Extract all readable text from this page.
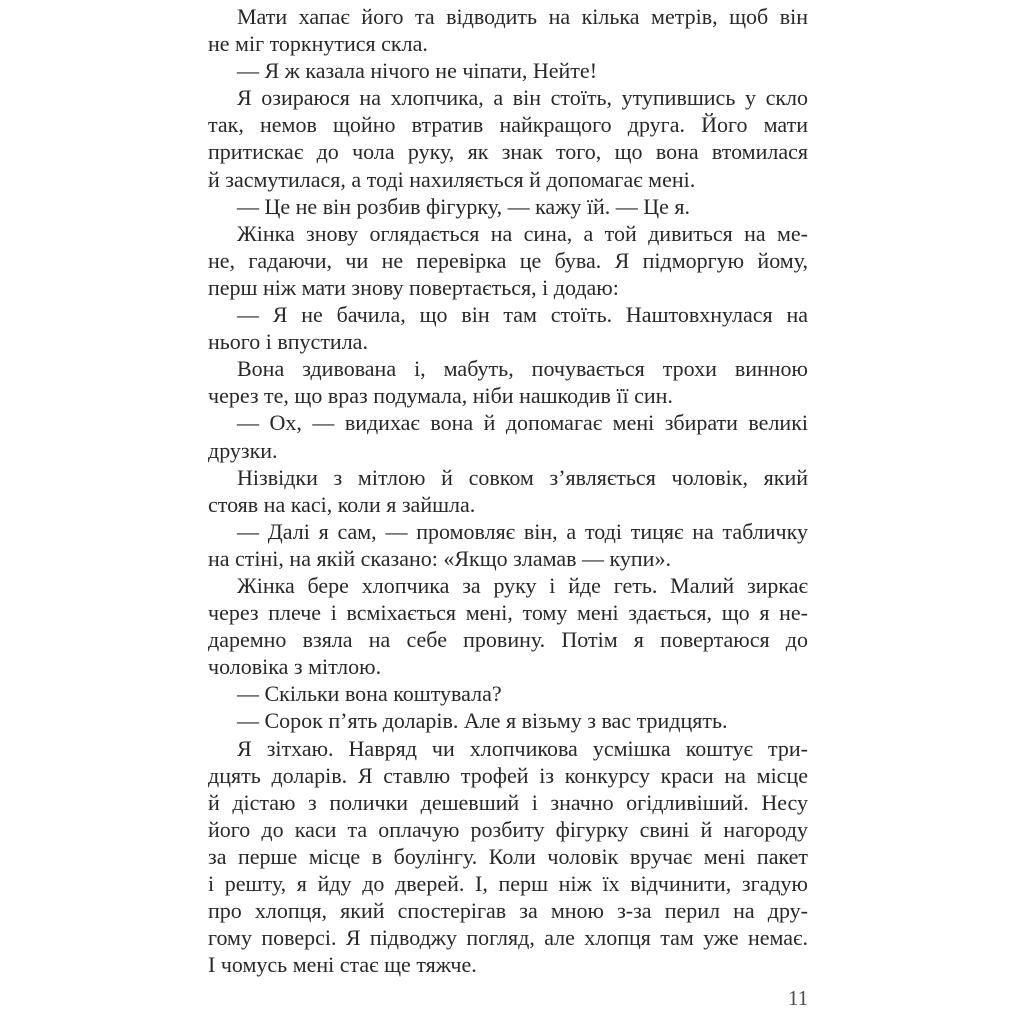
Мати хапає його та відводить на кілька метрів, щоб він
не міг торкнутися скла.
— Я ж казала нічого не чіпати, Нейте!
Я озираюся на хлопчика, а він стоїть, утупившись у скло
так, немов щойно втратив найкращого друга. Його мати
притискає до чола руку, як знак того, що вона втомилася
й засмутилася, а тоді нахиляється й допомагає мені.
— Це не він розбив фігурку, — кажу їй. — Це я.
Жінка знову оглядається на сина, а той дивиться на ме-
не, гадаючи, чи не перевірка це бува. Я підморгую йому,
перш ніж мати знову повертається, і додаю:
— Я не бачила, що він там стоїть. Наштовхнулася на
нього і впустила.
Вона здивована і, мабуть, почувається трохи винною
через те, що враз подумала, ніби нашкодив її син.
— Ох, — видихає вона й допомагає мені збирати великі
друзки.
Нізвідки з мітлою й совком з’являється чоловік, який
стояв на касі, коли я зайшла.
— Далі я сам, — промовляє він, а тоді тицяє на табличку
на стіні, на якій сказано: «Якщо зламав — купи».
Жінка бере хлопчика за руку і йде геть. Малий зиркає
через плече і всміхається мені, тому мені здається, що я не-
даремно взяла на себе провину. Потім я повертаюся до
чоловіка з мітлою.
— Скільки вона коштувала?
— Сорок п’ять доларів. Але я візьму з вас тридцять.
Я зітхаю. Навряд чи хлопчикова усмішка коштує три-
дцять доларів. Я ставлю трофей із конкурсу краси на місце
й дістаю з полички дешевший і значно огідливіший. Несу
його до каси та оплачую розбиту фігурку свині й нагороду
за перше місце в боулінгу. Коли чоловік вручає мені пакет
і решту, я йду до дверей. І, перш ніж їх відчинити, згадую
про хлопця, який спостерігав за мною з-за перил на дру-
гому поверсі. Я підводжу погляд, але хлопця там уже немає.
І чомусь мені стає ще тяжче.
11
